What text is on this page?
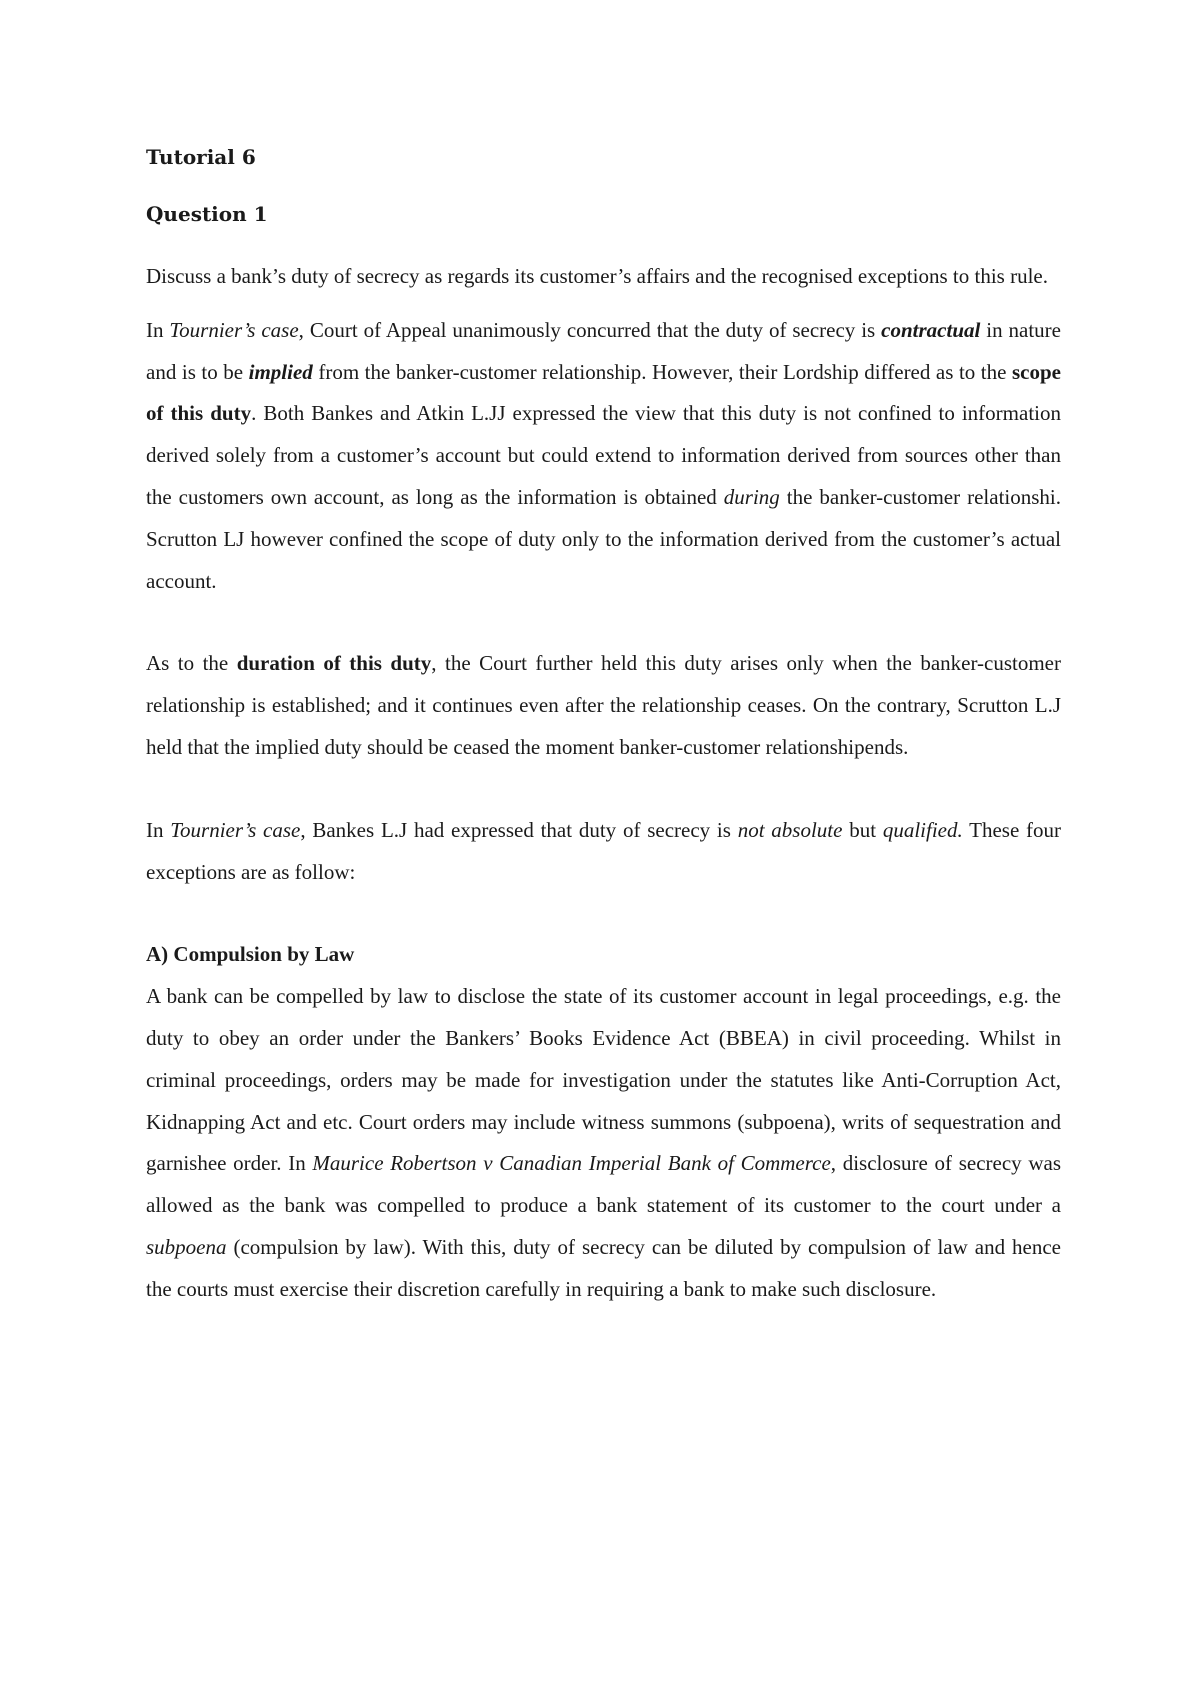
Tutorial 6

Question 1

Discuss a bank’s duty of secrecy as regards its customer’s affairs and the recognised exceptions to this rule.

In Tournier’s case, Court of Appeal unanimously concurred that the duty of secrecy is contractual in nature and is to be implied from the banker-customer relationship. However, their Lordship differed as to the scope of this duty. Both Bankes and Atkin L.JJ expressed the view that this duty is not confined to information derived solely from a customer’s account but could extend to information derived from sources other than the customers own account, as long as the information is obtained during the banker-customer relationshi. Scrutton LJ however confined the scope of duty only to the information derived from the customer’s actual account.

As to the duration of this duty, the Court further held this duty arises only when the banker-customer relationship is established; and it continues even after the relationship ceases. On the contrary, Scrutton L.J held that the implied duty should be ceased the moment banker-customer relationshipends.

In Tournier’s case, Bankes L.J had expressed that duty of secrecy is not absolute but qualified. These four exceptions are as follow:

A) Compulsion by Law

A bank can be compelled by law to disclose the state of its customer account in legal proceedings, e.g. the duty to obey an order under the Bankers’ Books Evidence Act (BBEA) in civil proceeding. Whilst in criminal proceedings, orders may be made for investigation under the statutes like Anti-Corruption Act, Kidnapping Act and etc. Court orders may include witness summons (subpoena), writs of sequestration and garnishee order. In Maurice Robertson v Canadian Imperial Bank of Commerce, disclosure of secrecy was allowed as the bank was compelled to produce a bank statement of its customer to the court under a subpoena (compulsion by law). With this, duty of secrecy can be diluted by compulsion of law and hence the courts must exercise their discretion carefully in requiring a bank to make such disclosure.
